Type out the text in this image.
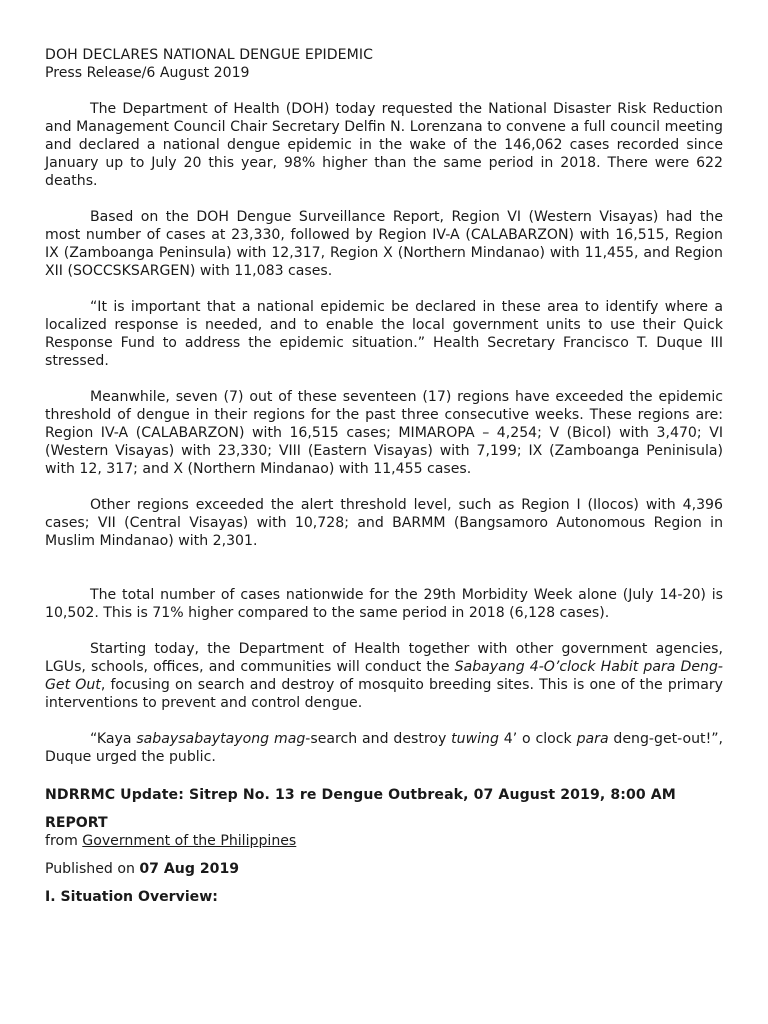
DOH DECLARES NATIONAL DENGUE EPIDEMIC
Press Release/6 August 2019

The Department of Health (DOH) today requested the National Disaster Risk Reduction and Management Council Chair Secretary Delfin N. Lorenzana to convene a full council meeting and declared a national dengue epidemic in the wake of the 146,062 cases recorded since January up to July 20 this year, 98% higher than the same period in 2018. There were 622 deaths.

Based on the DOH Dengue Surveillance Report, Region VI (Western Visayas) had the most number of cases at 23,330, followed by Region IV-A (CALABARZON) with 16,515, Region IX (Zamboanga Peninsula) with 12,317, Region X (Northern Mindanao) with 11,455, and Region XII (SOCCSKSARGEN) with 11,083 cases.

“It is important that a national epidemic be declared in these area to identify where a localized response is needed, and to enable the local government units to use their Quick Response Fund to address the epidemic situation.” Health Secretary Francisco T. Duque III stressed.

Meanwhile, seven (7) out of these seventeen (17) regions have exceeded the epidemic threshold of dengue in their regions for the past three consecutive weeks. These regions are: Region IV-A (CALABARZON) with 16,515 cases; MIMAROPA – 4,254; V (Bicol) with 3,470; VI (Western Visayas) with 23,330; VIII (Eastern Visayas) with 7,199; IX (Zamboanga Peninisula) with 12, 317; and X (Northern Mindanao) with 11,455 cases.

Other regions exceeded the alert threshold level, such as Region I (Ilocos) with 4,396 cases; VII (Central Visayas) with 10,728; and BARMM (Bangsamoro Autonomous Region in Muslim Mindanao) with 2,301.

The total number of cases nationwide for the 29th Morbidity Week alone (July 14-20) is 10,502. This is 71% higher compared to the same period in 2018 (6,128 cases).

Starting today, the Department of Health together with other government agencies, LGUs, schools, offices, and communities will conduct the Sabayang 4-O’clock Habit para Deng-Get Out, focusing on search and destroy of mosquito breeding sites. This is one of the primary interventions to prevent and control dengue.

“Kaya sabaysabaytayong mag-search and destroy tuwing 4’ o clock para deng-get-out!”, Duque urged the public.

NDRRMC Update: Sitrep No. 13 re Dengue Outbreak, 07 August 2019, 8:00 AM
REPORT
from Government of the Philippines
Published on 07 Aug 2019
I. Situation Overview:
